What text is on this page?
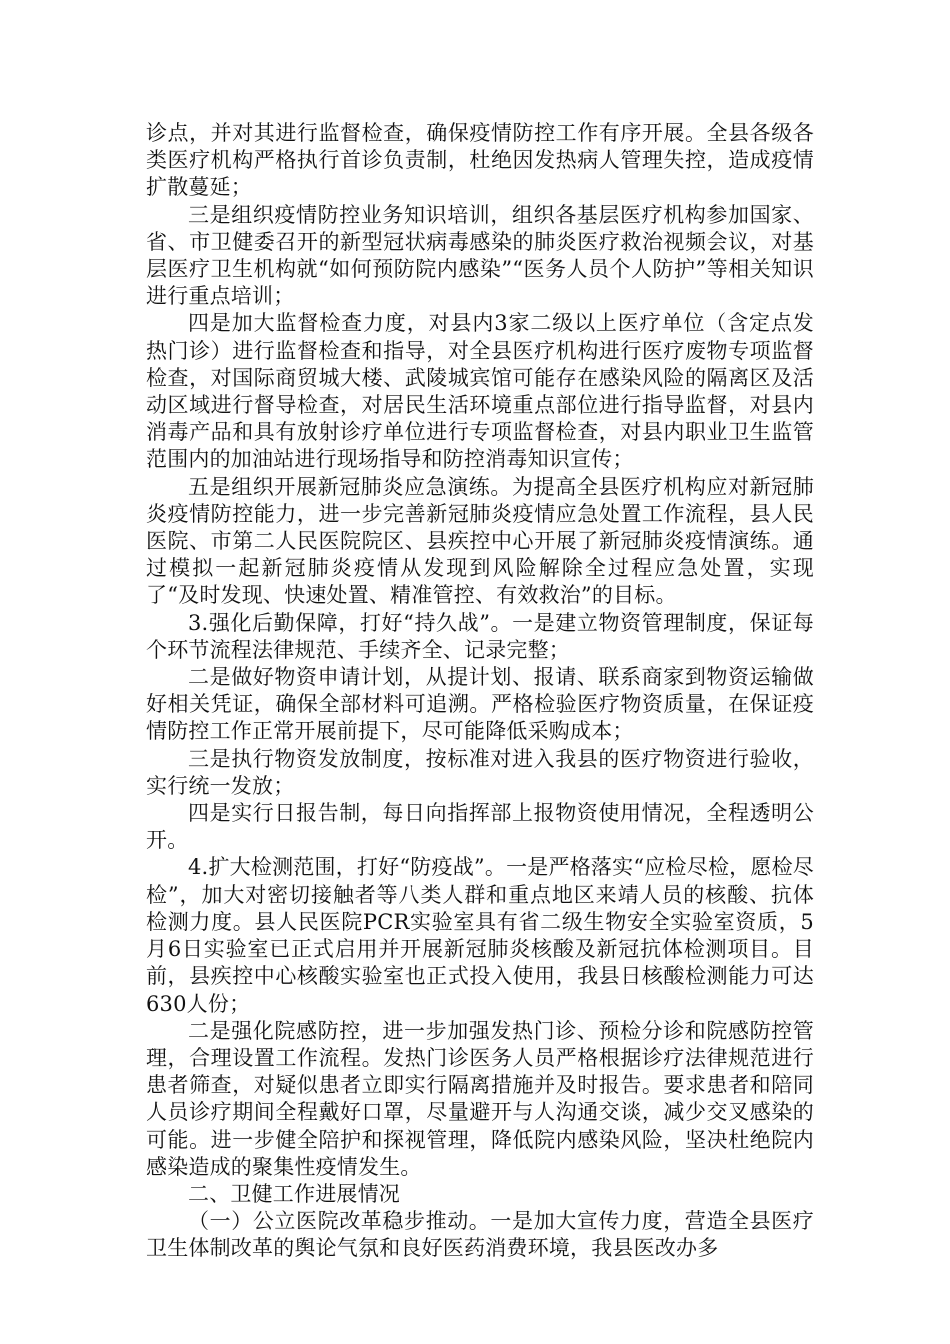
诊点，并对其进行监督检查，确保疫情防控工作有序开展。全县各级各类医疗机构严格执行首诊负责制，杜绝因发热病人管理失控，造成疫情扩散蔓延；

三是组织疫情防控业务知识培训，组织各基层医疗机构参加国家、省、市卫健委召开的新型冠状病毒感染的肺炎医疗救治视频会议，对基层医疗卫生机构就“如何预防院内感染”“医务人员个人防护”等相关知识进行重点培训；

四是加大监督检查力度，对县内3家二级以上医疗单位（含定点发热门诊）进行监督检查和指导，对全县医疗机构进行医疗废物专项监督检查，对国际商贸城大楼、武陵城宾馆可能存在感染风险的隔离区及活动区域进行督导检查，对居民生活环境重点部位进行指导监督，对县内消毒产品和具有放射诊疗单位进行专项监督检查，对县内职业卫生监管范围内的加油站进行现场指导和防控消毒知识宣传；

五是组织开展新冠肺炎应急演练。为提高全县医疗机构应对新冠肺炎疫情防控能力，进一步完善新冠肺炎疫情应急处置工作流程，县人民医院、市第二人民医院院区、县疾控中心开展了新冠肺炎疫情演练。通过模拟一起新冠肺炎疫情从发现到风险解除全过程应急处置，实现了“及时发现、快速处置、精准管控、有效救治”的目标。

3.强化后勤保障，打好“持久战”。一是建立物资管理制度，保证每个环节流程法律规范、手续齐全、记录完整；

二是做好物资申请计划，从提计划、报请、联系商家到物资运输做好相关凭证，确保全部材料可追溯。严格检验医疗物资质量，在保证疫情防控工作正常开展前提下，尽可能降低采购成本；

三是执行物资发放制度，按标准对进入我县的医疗物资进行验收，实行统一发放；

四是实行日报告制，每日向指挥部上报物资使用情况，全程透明公开。

4.扩大检测范围，打好“防疫战”。一是严格落实“应检尽检，愿检尽检”，加大对密切接触者等八类人群和重点地区来靖人员的核酸、抗体检测力度。县人民医院PCR实验室具有省二级生物安全实验室资质，5月6日实验室已正式启用并开展新冠肺炎核酸及新冠抗体检测项目。目前，县疾控中心核酸实验室也正式投入使用，我县日核酸检测能力可达630人份；

二是强化院感防控，进一步加强发热门诊、预检分诊和院感防控管理，合理设置工作流程。发热门诊医务人员严格根据诊疗法律规范进行患者筛查，对疑似患者立即实行隔离措施并及时报告。要求患者和陪同人员诊疗期间全程戴好口罩，尽量避开与人沟通交谈，减少交叉感染的可能。进一步健全陪护和探视管理，降低院内感染风险，坚决杜绝院内感染造成的聚集性疫情发生。

二、卫健工作进展情况

（一）公立医院改革稳步推动。一是加大宣传力度，营造全县医疗卫生体制改革的舆论气氛和良好医药消费环境，我县医改办多
